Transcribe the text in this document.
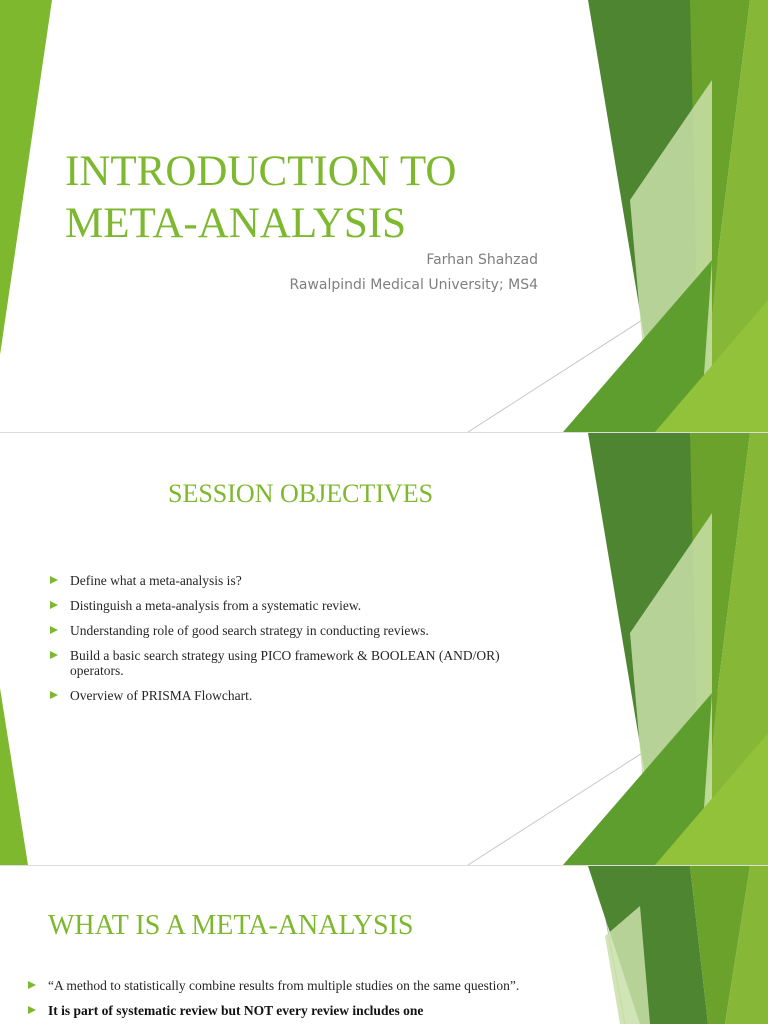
INTRODUCTION TO
META-ANALYSIS
Farhan Shahzad
Rawalpindi Medical University; MS4
SESSION OBJECTIVES
Define what a meta-analysis is?
Distinguish a meta-analysis from a systematic review.
Understanding role of good search strategy in conducting reviews.
Build a basic search strategy using PICO framework & BOOLEAN (AND/OR) operators.
Overview of PRISMA Flowchart.
WHAT IS A META-ANALYSIS
“A method to statistically combine results from multiple studies on the same question”.
It is part of systematic review but NOT every review includes one
